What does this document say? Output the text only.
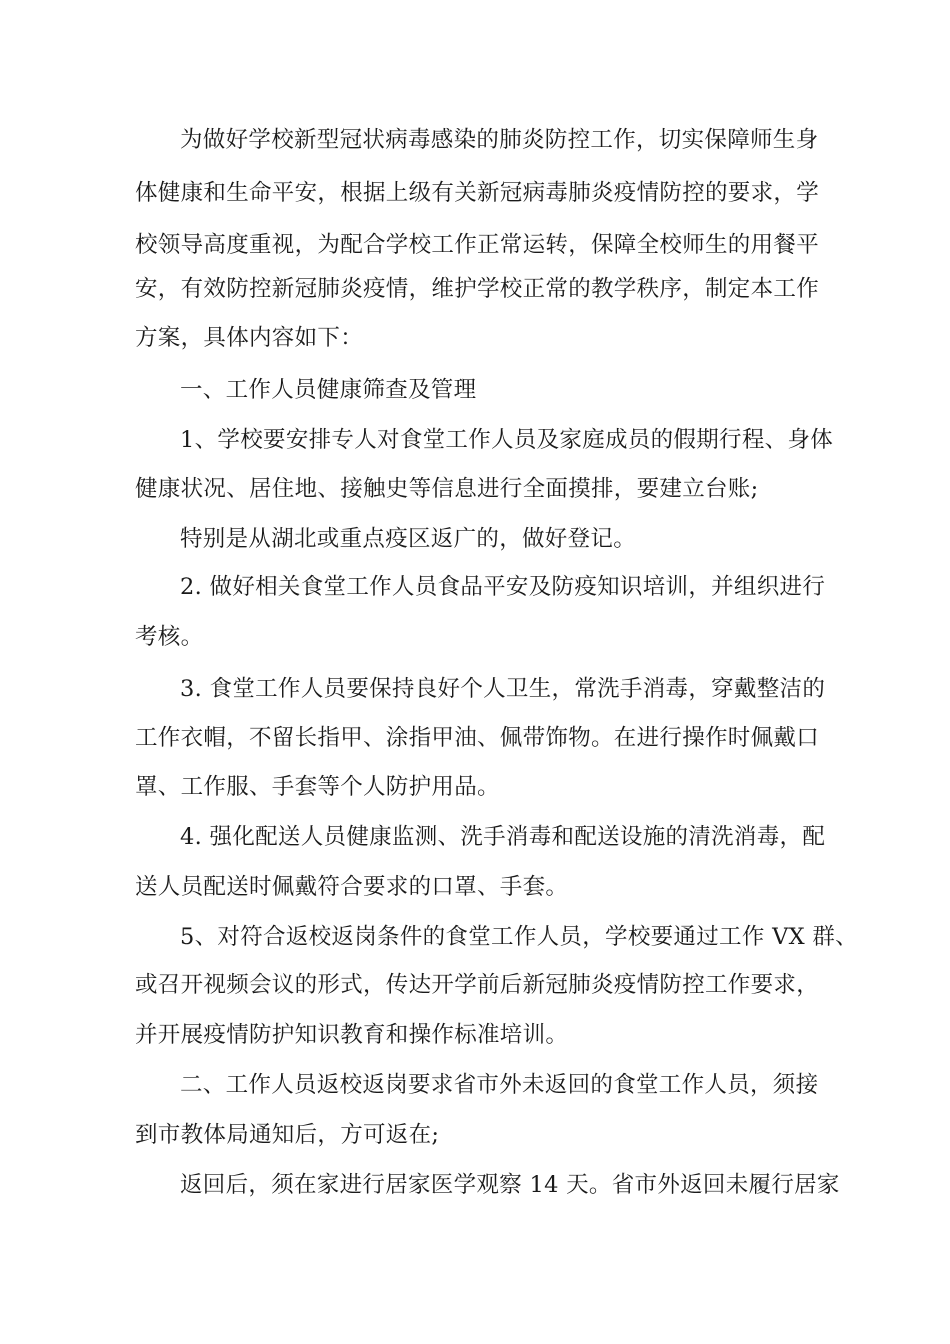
为做好学校新型冠状病毒感染的肺炎防控工作，切实保障师生身
体健康和生命平安，根据上级有关新冠病毒肺炎疫情防控的要求，学
校领导高度重视，为配合学校工作正常运转，保障全校师生的用餐平
安，有效防控新冠肺炎疫情，维护学校正常的教学秩序，制定本工作
方案，具体内容如下：
一、工作人员健康筛查及管理
1、学校要安排专人对食堂工作人员及家庭成员的假期行程、身体
健康状况、居住地、接触史等信息进行全面摸排，要建立台账;
特别是从湖北或重点疫区返广的，做好登记。
2. 做好相关食堂工作人员食品平安及防疫知识培训，并组织进行
考核。
3. 食堂工作人员要保持良好个人卫生，常洗手消毒，穿戴整洁的
工作衣帽，不留长指甲、涂指甲油、佩带饰物。在进行操作时佩戴口
罩、工作服、手套等个人防护用品。
4. 强化配送人员健康监测、洗手消毒和配送设施的清洗消毒，配
送人员配送时佩戴符合要求的口罩、手套。
5、对符合返校返岗条件的食堂工作人员，学校要通过工作 VX 群、
或召开视频会议的形式，传达开学前后新冠肺炎疫情防控工作要求，
并开展疫情防护知识教育和操作标准培训。
二、工作人员返校返岗要求省市外未返回的食堂工作人员，须接
到市教体局通知后，方可返在;
返回后，须在家进行居家医学观察 14 天。省市外返回未履行居家
